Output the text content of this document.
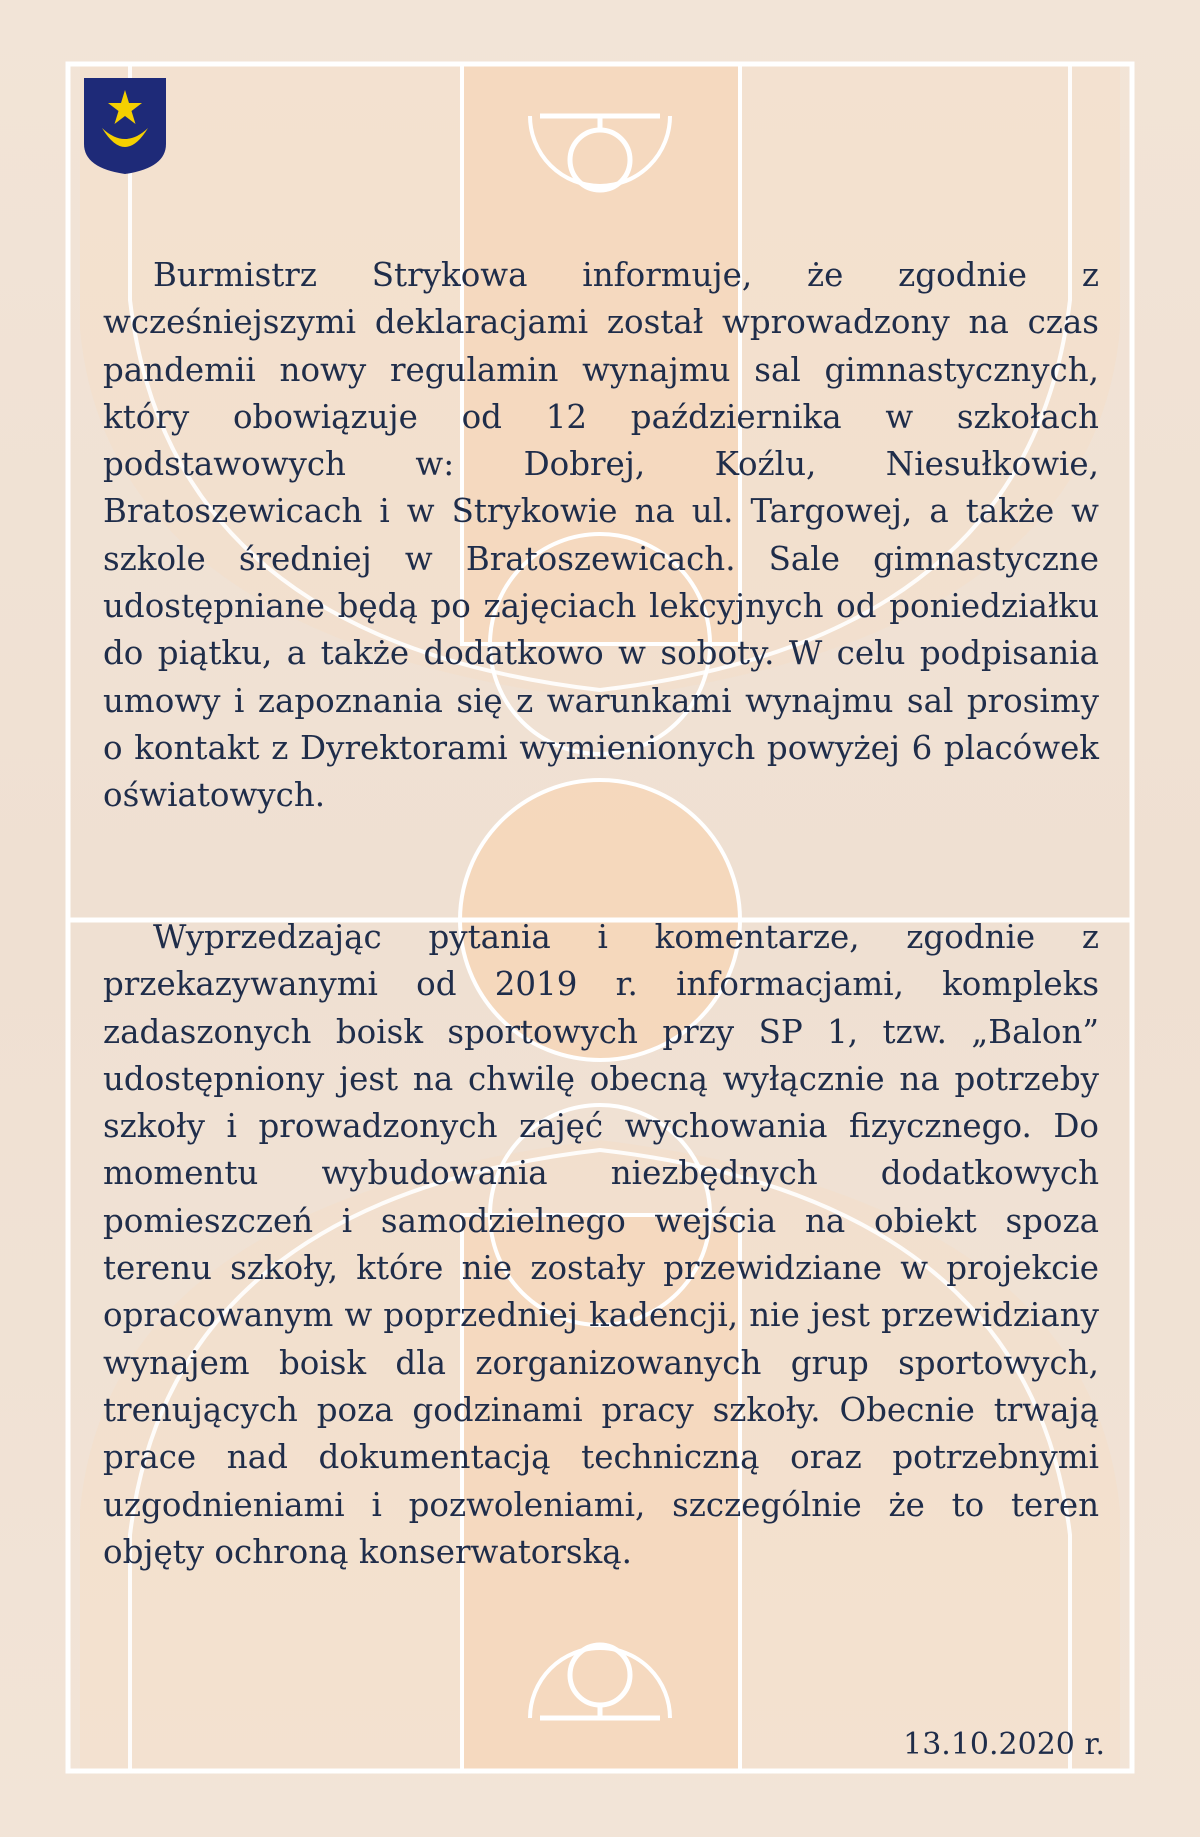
Burmistrz Strykowa informuje, że zgodnie z wcześniejszymi deklaracjami został wprowadzony na czas pandemii nowy regulamin wynajmu sal gimnastycznych, który obowiązuje od 12 października w szkołach podstawowych w: Dobrej, Koźlu, Niesułkowie, Bratoszewicach i w Strykowie na ul. Targowej, a także w szkole średniej w Bratoszewicach. Sale gimnastyczne udostępniane będą po zajęciach lekcyjnych od poniedziałku do piątku, a także dodatkowo w soboty. W celu podpisania umowy i zapoznania się z warunkami wynajmu sal prosimy o kontakt z Dyrektorami wymienionych powyżej 6 placówek oświatowych.

Wyprzedzając pytania i komentarze, zgodnie z przekazywanymi od 2019 r. informacjami, kompleks zadaszonych boisk sportowych przy SP 1, tzw. „Balon” udostępniony jest na chwilę obecną wyłącznie na potrzeby szkoły i prowadzonych zajęć wychowania fizycznego. Do momentu wybudowania niezbędnych dodatkowych pomieszczeń i samodzielnego wejścia na obiekt spoza terenu szkoły, które nie zostały przewidziane w projekcie opracowanym w poprzedniej kadencji, nie jest przewidziany wynajem boisk dla zorganizowanych grup sportowych, trenujących poza godzinami pracy szkoły. Obecnie trwają prace nad dokumentacją techniczną oraz potrzebnymi uzgodnieniami i pozwoleniami, szczególnie że to teren objęty ochroną konserwatorską.

13.10.2020 r.
